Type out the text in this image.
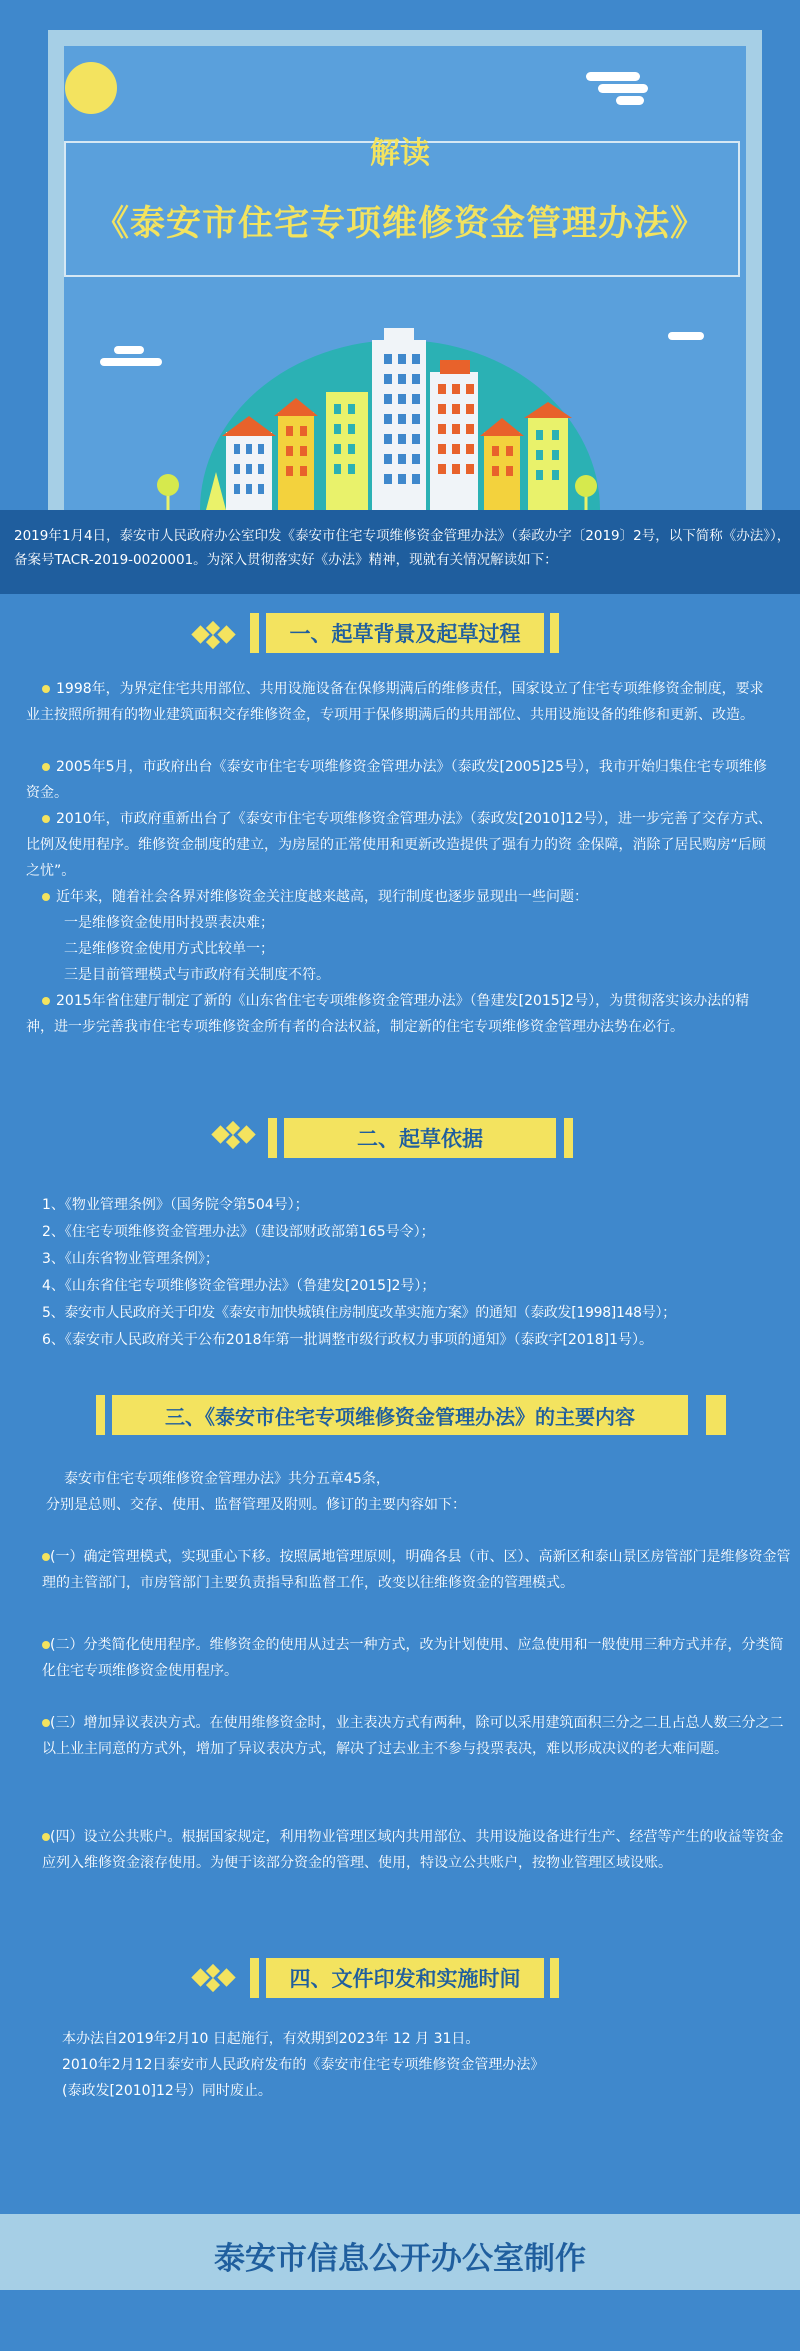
解读
《泰安市住宅专项维修资金管理办法》
2019年1月4日，泰安市人民政府办公室印发《泰安市住宅专项维修资金管理办法》（泰政办字〔2019〕2号，以下简称《办法》），备案号TACR-2019-0020001。为深入贯彻落实好《办法》精神，现就有关情况解读如下：
一、起草背景及起草过程
1998年，为界定住宅共用部位、共用设施设备在保修期满后的维修责任，国家设立了住宅专项维修资金制度，要求业主按照所拥有的物业建筑面积交存维修资金，专项用于保修期满后的共用部位、共用设施设备的维修和更新、改造。
2005年5月，市政府出台《泰安市住宅专项维修资金管理办法》（泰政发[2005]25号），我市开始归集住宅专项维修资金。
2010年，市政府重新出台了《泰安市住宅专项维修资金管理办法》（泰政发[2010]12号），进一步完善了交存方式、比例及使用程序。维修资金制度的建立，为房屋的正常使用和更新改造提供了强有力的资 金保障，消除了居民购房“后顾之忧”。
近年来，随着社会各界对维修资金关注度越来越高，现行制度也逐步显现出一些问题：
一是维修资金使用时投票表决难；
二是维修资金使用方式比较单一；
三是目前管理模式与市政府有关制度不符。
2015年省住建厅制定了新的《山东省住宅专项维修资金管理办法》（鲁建发[2015]2号），为贯彻落实该办法的精神，进一步完善我市住宅专项维修资金所有者的合法权益，制定新的住宅专项维修资金管理办法势在必行。
二、起草依据
1、《物业管理条例》（国务院令第504号）；
2、《住宅专项维修资金管理办法》（建设部财政部第165号令）；
3、《山东省物业管理条例》；
4、《山东省住宅专项维修资金管理办法》（鲁建发[2015]2号）；
5、泰安市人民政府关于印发《泰安市加快城镇住房制度改革实施方案》的通知（泰政发[1998]148号）；
6、《泰安市人民政府关于公布2018年第一批调整市级行政权力事项的通知》（泰政字[2018]1号）。
三、《泰安市住宅专项维修资金管理办法》的主要内容
泰安市住宅专项维修资金管理办法》共分五章45条，
分别是总则、交存、使用、监督管理及附则。修订的主要内容如下：
(一）确定管理模式，实现重心下移。按照属地管理原则，明确各县（市、区）、高新区和泰山景区房管部门是维修资金管理的主管部门，市房管部门主要负责指导和监督工作，改变以往维修资金的管理模式。
(二）分类简化使用程序。维修资金的使用从过去一种方式，改为计划使用、应急使用和一般使用三种方式并存，分类简化住宅专项维修资金使用程序。
(三）增加异议表决方式。在使用维修资金时，业主表决方式有两种，除可以采用建筑面积三分之二且占总人数三分之二以上业主同意的方式外，增加了异议表决方式，解决了过去业主不参与投票表决，难以形成决议的老大难问题。
(四）设立公共账户。根据国家规定，利用物业管理区域内共用部位、共用设施设备进行生产、经营等产生的收益等资金应列入维修资金滚存使用。为便于该部分资金的管理、使用，特设立公共账户，按物业管理区域设账。
四、文件印发和实施时间
本办法自2019年2月10 日起施行，有效期到2023年 12 月 31日。
2010年2月12日泰安市人民政府发布的《泰安市住宅专项维修资金管理办法》
(泰政发[2010]12号）同时废止。
泰安市信息公开办公室制作
